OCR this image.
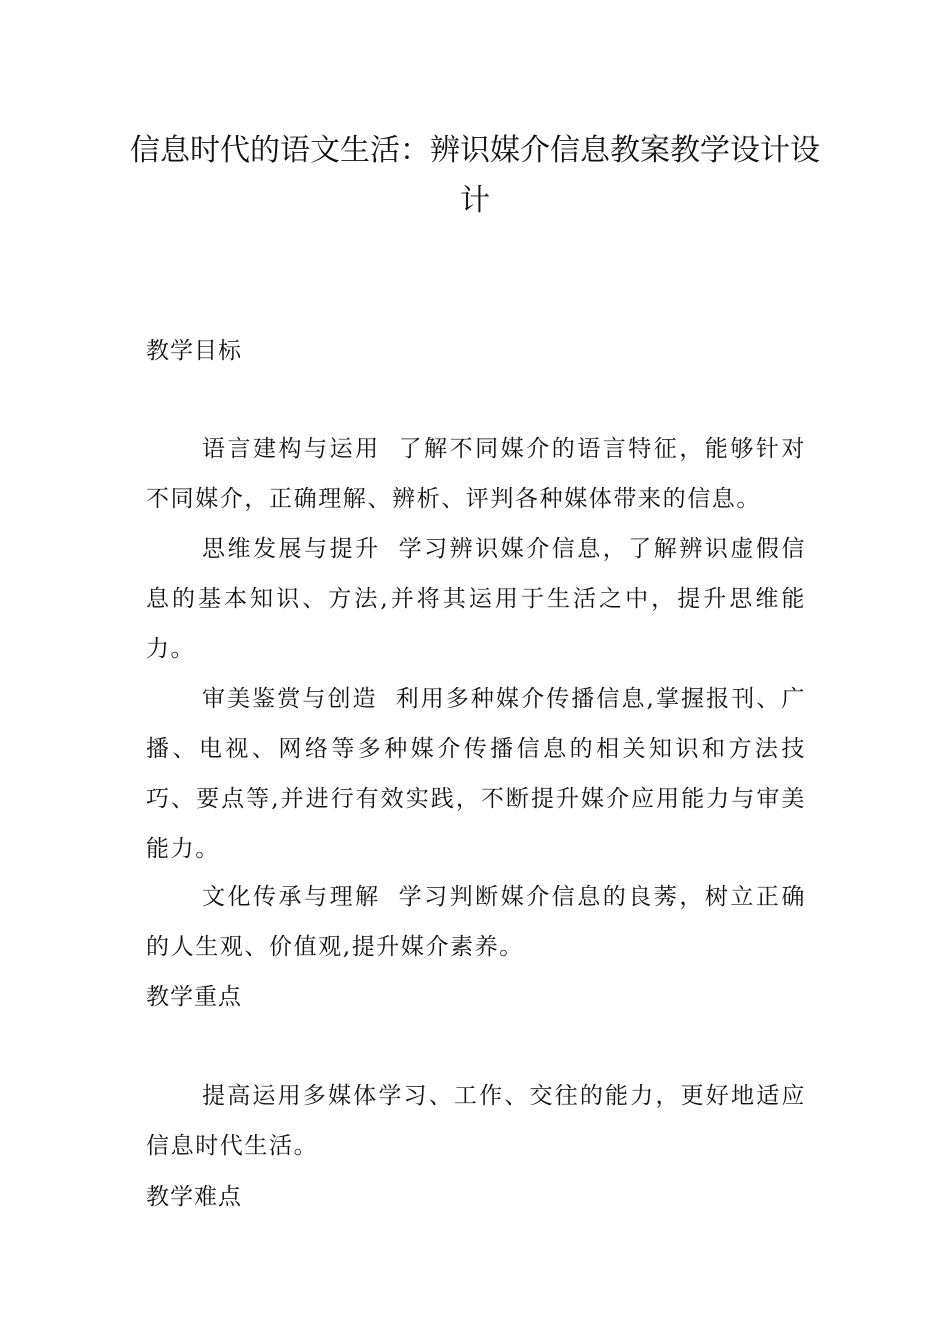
信息时代的语文生活：辨识媒介信息教案教学设计设计
教学目标
语言建构与运用 了解不同媒介的语言特征，能够针对不同媒介，正确理解、辨析、评判各种媒体带来的信息。
思维发展与提升 学习辨识媒介信息，了解辨识虚假信息的基本知识、方法,并将其运用于生活之中，提升思维能力。
审美鉴赏与创造 利用多种媒介传播信息,掌握报刊、广播、电视、网络等多种媒介传播信息的相关知识和方法技巧、要点等,并进行有效实践，不断提升媒介应用能力与审美能力。
文化传承与理解 学习判断媒介信息的良莠，树立正确的人生观、价值观,提升媒介素养。
教学重点
提高运用多媒体学习、工作、交往的能力，更好地适应信息时代生活。
教学难点
